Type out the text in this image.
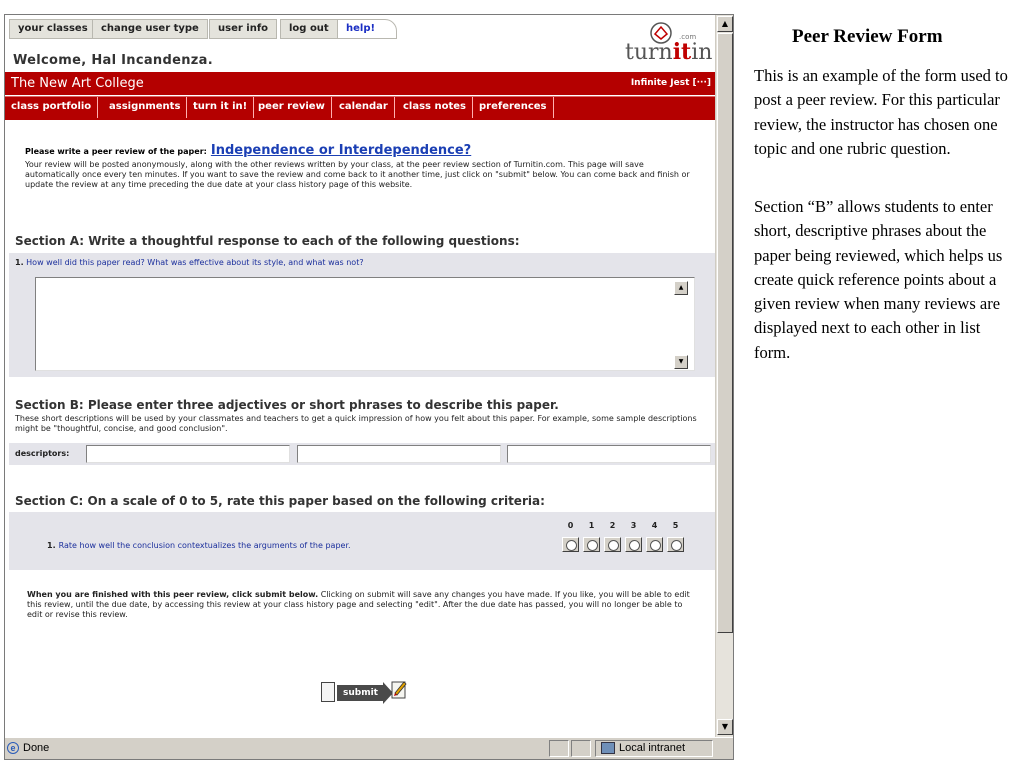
your classes	change user type	user info	log out	help!
Welcome, Hal Incandenza.
.com
turnitin
The New Art College	Infinite Jest [···]
class portfolio	assignments	turn it in!	peer review	calendar	class notes	preferences
Please write a peer review of the paper: Independence or Interdependence?
Your review will be posted anonymously, along with the other reviews written by your class, at the peer review section of Turnitin.com. This page will save automatically once every ten minutes. If you want to save the review and come back to it another time, just click on "submit" below. You can come back and finish or update the review at any time preceding the due date at your class history page of this website.
Section A: Write a thoughtful response to each of the following questions:
1. How well did this paper read? What was effective about its style, and what was not?
▲
▼
Section B: Please enter three adjectives or short phrases to describe this paper.
These short descriptions will be used by your classmates and teachers to get a quick impression of how you felt about this paper. For example, some sample descriptions might be "thoughtful, concise, and good conclusion".
descriptors:
Section C: On a scale of 0 to 5, rate this paper based on the following criteria:
1. Rate how well the conclusion contextualizes the arguments of the paper.
0	1	2	3	4	5
When you are finished with this peer review, click submit below. Clicking on submit will save any changes you have made. If you like, you will be able to edit this review, until the due date, by accessing this review at your class history page and selecting "edit". After the due date has passed, you will no longer be able to edit or revise this review.
submit
▲
▼
e Done	Local intranet
Peer Review Form
This is an example of the form used to post a peer review. For this particular review, the instructor has chosen one topic and one rubric question.
Section “B” allows students to enter short, descriptive phrases about the paper being reviewed, which helps us create quick reference points about a given review when many reviews are displayed next to each other in list form.
